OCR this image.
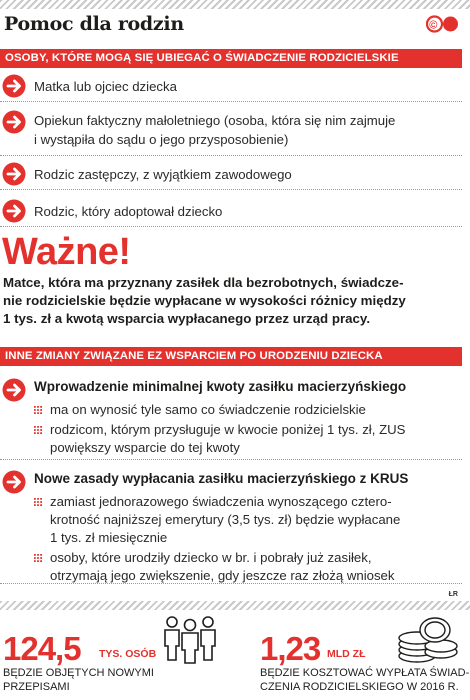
Pomoc dla rodzin	©P
OSOBY, KTÓRE MOGĄ SIĘ UBIEGAĆ O ŚWIADCZENIE RODZICIELSKIE
Matka lub ojciec dziecka
Opiekun faktyczny małoletniego (osoba, która się nim zajmuje
i wystąpiła do sądu o jego przysposobienie)
Rodzic zastępczy, z wyjątkiem zawodowego
Rodzic, który adoptował dziecko
Ważne!
Matce, która ma przyznany zasiłek dla bezrobotnych, świadcze-
nie rodzicielskie będzie wypłacane w wysokości różnicy między
1 tys. zł a kwotą wsparcia wypłacanego przez urząd pracy.
INNE ZMIANY ZWIĄZANE EZ WSPARCIEM PO URODZENIU DZIECKA
Wprowadzenie minimalnej kwoty zasiłku macierzyńskiego
ma on wynosić tyle samo co świadczenie rodzicielskie
rodzicom, którym przysługuje w kwocie poniżej 1 tys. zł, ZUS
powiększy wsparcie do tej kwoty
Nowe zasady wypłacania zasiłku macierzyńskiego z KRUS
zamiast jednorazowego świadczenia wynoszącego cztero-
krotność najniższej emerytury (3,5 tys. zł) będzie wypłacane
1 tys. zł miesięcznie
osoby, które urodziły dziecko w br. i pobrały już zasiłek,
otrzymają jego zwiększenie, gdy jeszcze raz złożą wniosek
ŁR
124,5 TYS. OSÓB
BĘDZIE OBJĘTYCH NOWYMI
PRZEPISAMI
1,23 MLD ZŁ
BĘDZIE KOSZTOWAĆ WYPŁATA ŚWIAD-
CZENIA RODZICIELSKIEGO W 2016 R.
